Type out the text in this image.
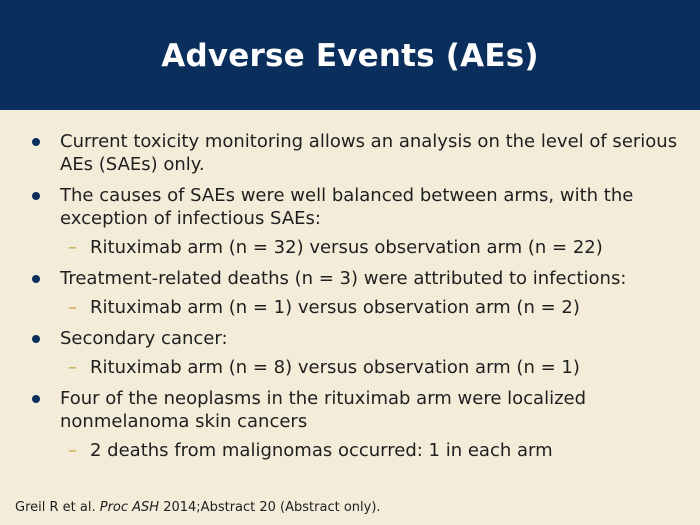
Adverse Events (AEs)
Current toxicity monitoring allows an analysis on the level of serious AEs (SAEs) only.
The causes of SAEs were well balanced between arms, with the exception of infectious SAEs:
– Rituximab arm (n = 32) versus observation arm (n = 22)
Treatment-related deaths (n = 3) were attributed to infections:
– Rituximab arm (n = 1) versus observation arm (n = 2)
Secondary cancer:
– Rituximab arm (n = 8) versus observation arm (n = 1)
Four of the neoplasms in the rituximab arm were localized nonmelanoma skin cancers
– 2 deaths from malignomas occurred: 1 in each arm
Greil R et al. Proc ASH 2014;Abstract 20 (Abstract only).
